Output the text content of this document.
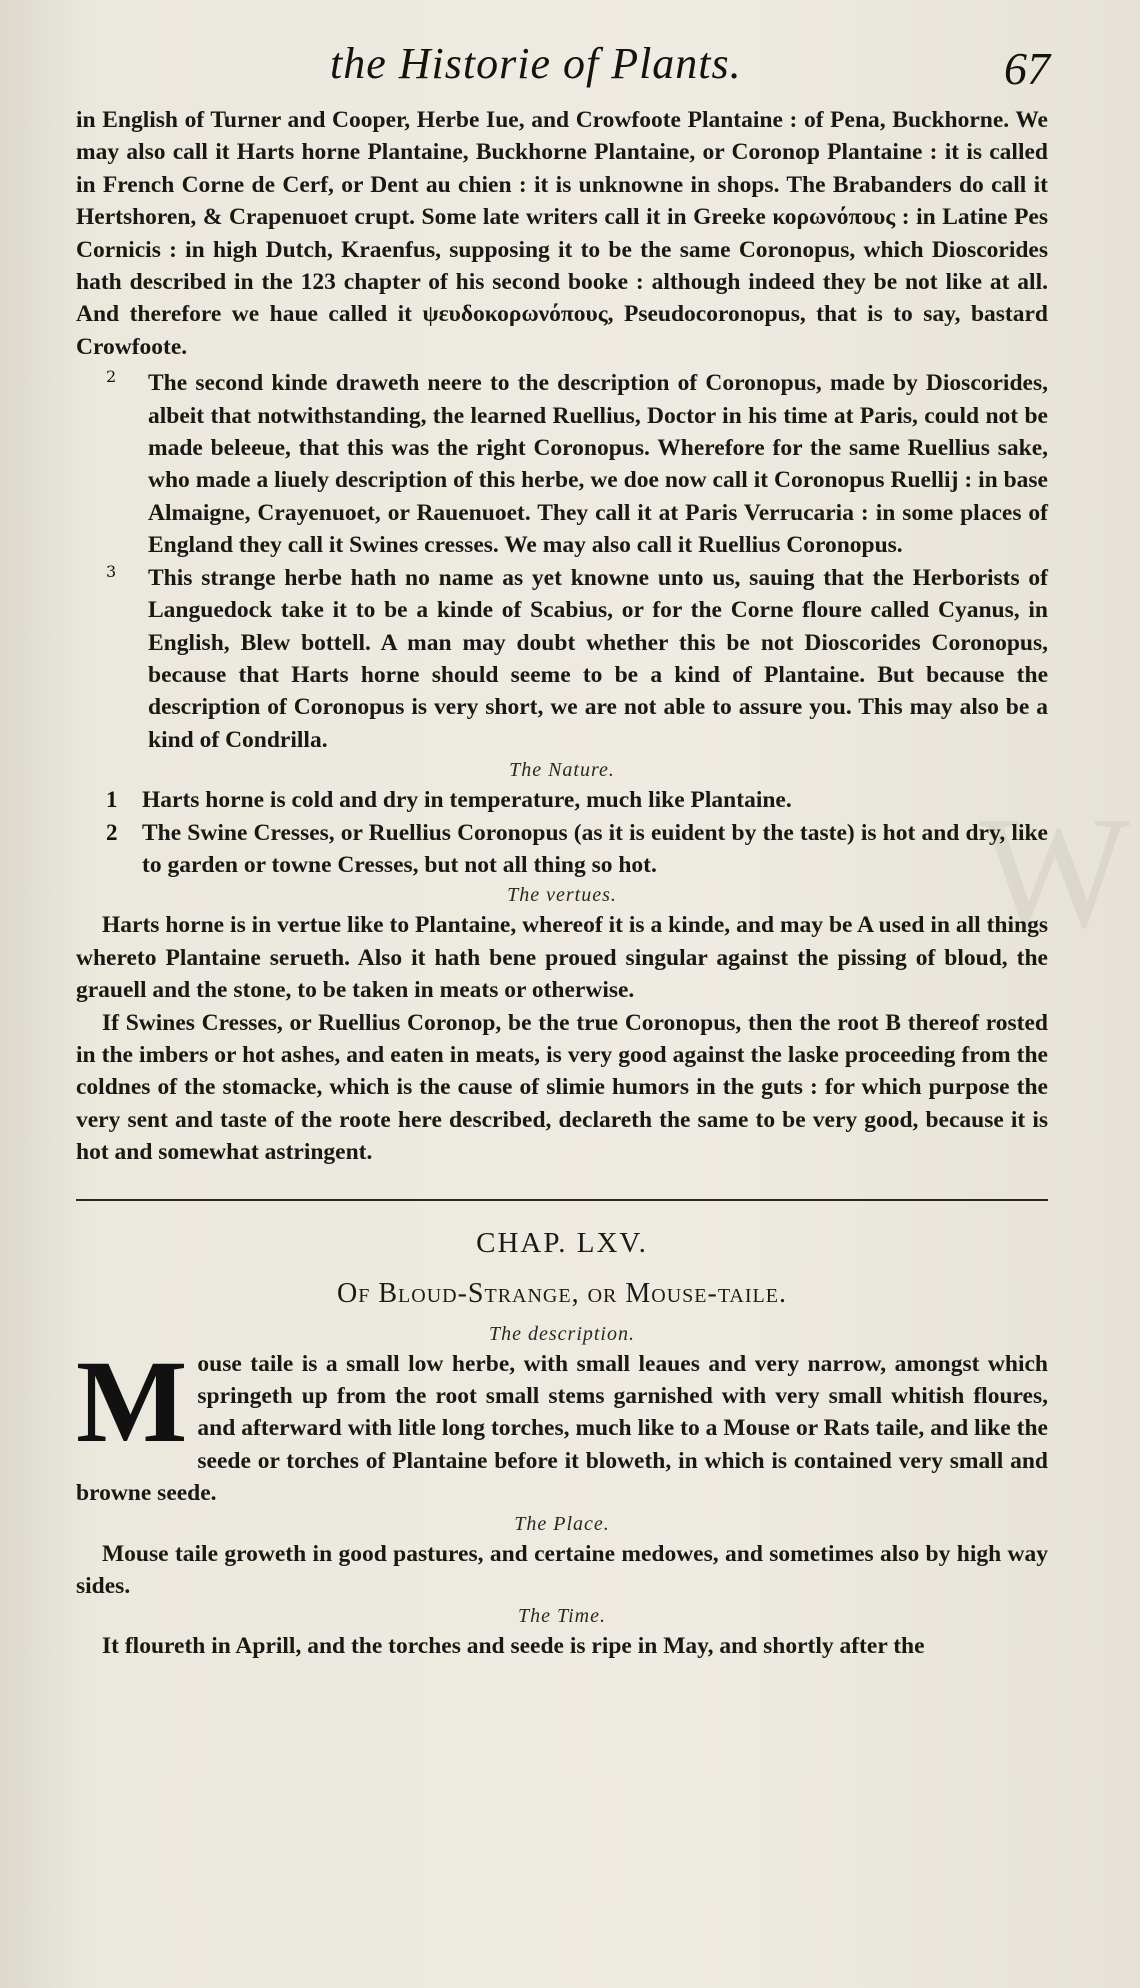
W
the Historie of Plants.	67

in English of Turner and Cooper, Herbe Iue, and Crowfoote Plantaine : of Pena, Buckhorne. We may also call it Harts horne Plantaine, Buckhorne Plantaine, or Coronop Plantaine : it is called in French Corne de Cerf, or Dent au chien : it is unknowne in shops. The Brabanders do call it Hertshoren, & Crapenuoet crupt. Some late writers call it in Greeke κορωνόπους : in Latine Pes Cornicis : in high Dutch, Kraenfus, supposing it to be the same Coronopus, which Dioscorides hath described in the 123 chapter of his second booke : although indeed they be not like at all. And therefore we haue called it ψευδοκορωνόπους, Pseudocoronopus, that is to say, bastard Crowfoote.

2	The second kinde draweth neere to the description of Coronopus, made by Dioscorides, albeit that notwithstanding, the learned Ruellius, Doctor in his time at Paris, could not be made beleeue, that this was the right Coronopus. Wherefore for the same Ruellius sake, who made a liuely description of this herbe, we doe now call it Coronopus Ruellij : in base Almaigne, Crayenuoet, or Rauenuoet. They call it at Paris Verrucaria : in some places of England they call it Swines cresses. We may also call it Ruellius Coronopus.

3	This strange herbe hath no name as yet knowne unto us, sauing that the Herborists of Languedock take it to be a kinde of Scabius, or for the Corne floure called Cyanus, in English, Blew bottell. A man may doubt whether this be not Dioscorides Coronopus, because that Harts horne should seeme to be a kind of Plantaine. But because the description of Coronopus is very short, we are not able to assure you. This may also be a kind of Condrilla.

The Nature.
1	Harts horne is cold and dry in temperature, much like Plantaine.

2	The Swine Cresses, or Ruellius Coronopus (as it is euident by the taste) is hot and dry, like to garden or towne Cresses, but not all thing so hot.

The vertues.

Harts horne is in vertue like to Plantaine, whereof it is a kinde, and may be A used in all things whereto Plantaine serueth. Also it hath bene proued singular against the pissing of bloud, the grauell and the stone, to be taken in meats or otherwise.

If Swines Cresses, or Ruellius Coronop, be the true Coronopus, then the root B thereof rosted in the imbers or hot ashes, and eaten in meats, is very good against the laske proceeding from the coldnes of the stomacke, which is the cause of slimie humors in the guts : for which purpose the very sent and taste of the roote here described, declareth the same to be very good, because it is hot and somewhat astringent.

CHAP. LXV.
Of Bloud-Strange, or Mouse-taile.
The description.
M ouse taile is a small low herbe, with small leaues and very narrow, amongst which springeth up from the root small stems garnished with very small whitish floures, and afterward with litle long torches, much like to a Mouse or Rats taile, and like the seede or torches of Plantaine before it bloweth, in which is contained very small and browne seede.

The Place.

Mouse taile groweth in good pastures, and certaine medowes, and sometimes also by high way sides.

The Time.

It floureth in Aprill, and the torches and seede is ripe in May, and shortly after the
